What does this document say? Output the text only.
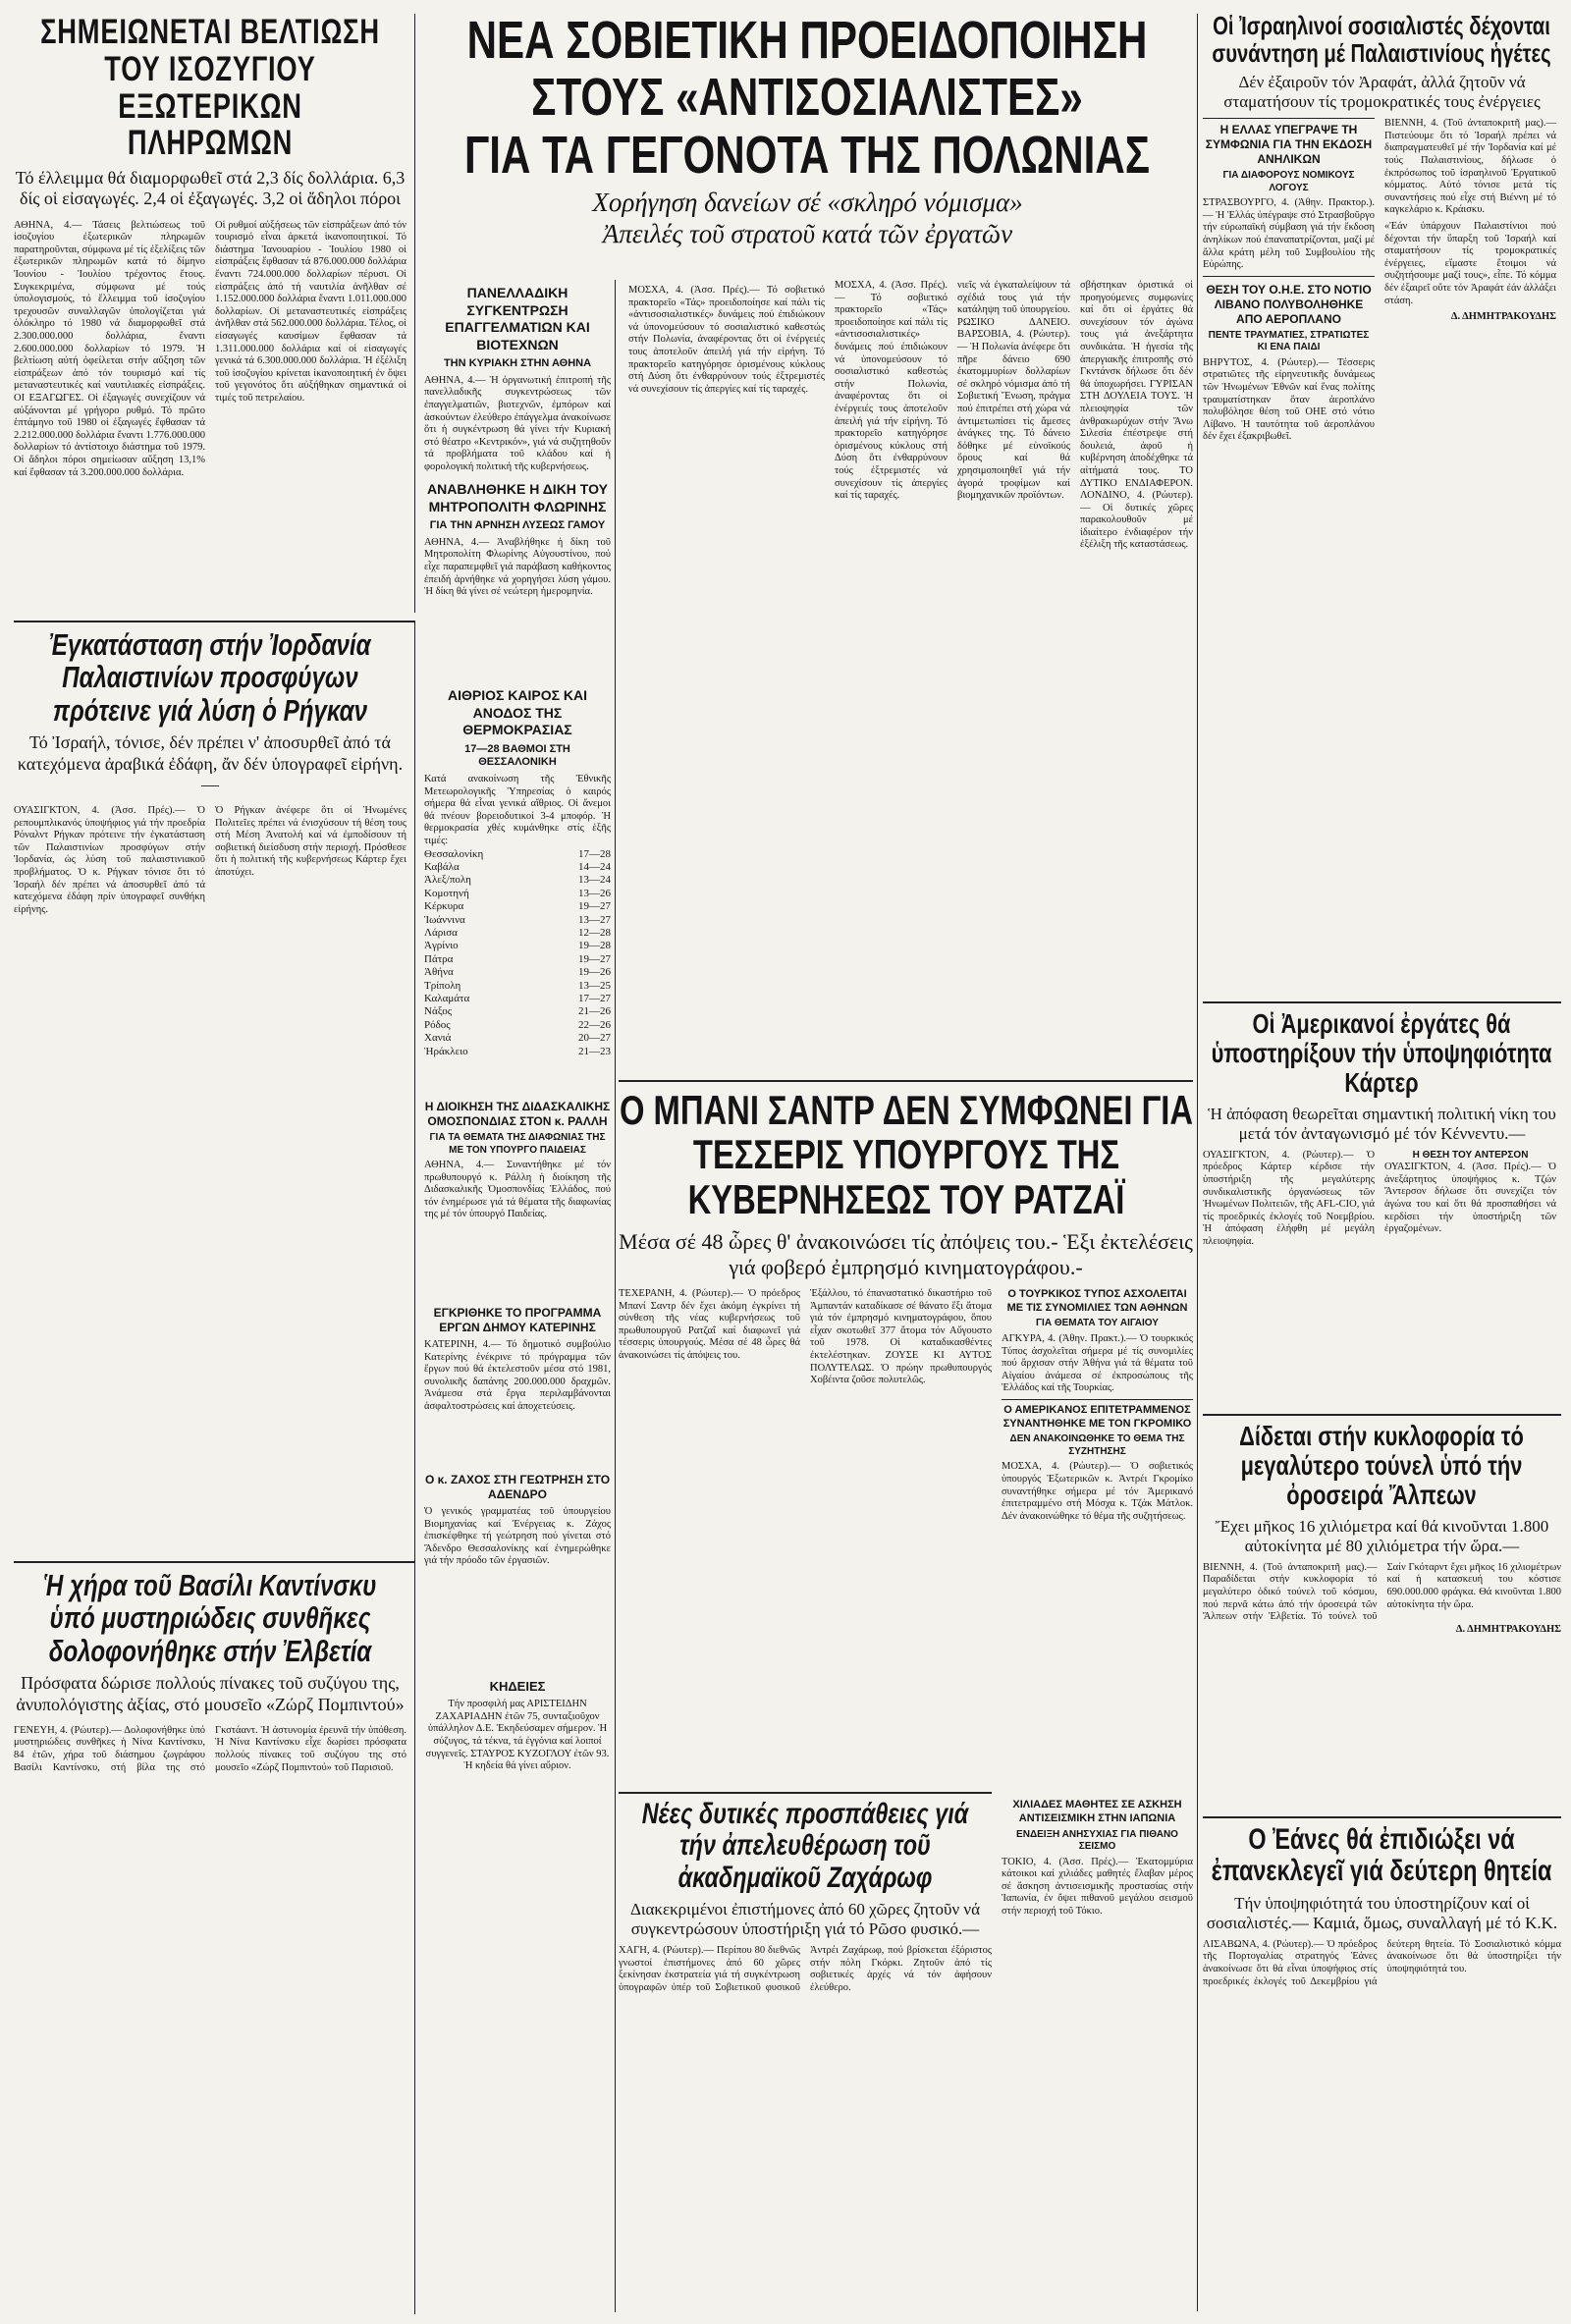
ΣΗΜΕΙΩΝΕΤΑΙ ΒΕΛΤΙΩΣΗ ΤΟΥ ΙΣΟΖΥΓΙΟΥ ΕΞΩΤΕΡΙΚΩΝ ΠΛΗΡΩΜΩΝ

Τό έλλειμμα θά διαμορφωθεῖ στά 2,3 δίς δολλάρια. 6,3 δίς οἱ εἰσαγωγές. 2,4 οἱ ἐξαγωγές. 3,2 οἱ ἄδηλοι πόροι

ΑΘΗΝΑ, 4.— Τάσεις βελτιώσεως τοῦ ἰσοζυγίου ἐξωτερικῶν πληρωμῶν παρατηροῦνται, σύμφωνα μέ τίς ἐξελίξεις τῶν ἐξωτερικῶν πληρωμῶν κατά τό δίμηνο Ἰουνίου - Ἰουλίου τρέχοντος ἔτους. Συγκεκριμένα, σύμφωνα μέ τούς ὑπολογισμούς, τό ἔλλειμμα τοῦ ἰσοζυγίου τρεχουσῶν συναλλαγῶν ὑπολογίζεται γιά ὁλόκληρο τό 1980 νά διαμορφωθεῖ στά 2.300.000.000 δολλάρια, ἔναντι 2.600.000.000 δολλαρίων τό 1979. Ἡ βελτίωση αὐτή ὀφείλεται στήν αὔξηση τῶν εἰσπράξεων ἀπό τόν τουρισμό καί τίς μεταναστευτικές καί ναυτιλιακές εἰσπράξεις. ΟΙ ΕΞΑΓΩΓΕΣ. Οἱ ἐξαγωγές συνεχίζουν νά αὐξάνονται μέ γρήγορο ρυθμό. Τό πρῶτο ἑπτάμηνο τοῦ 1980 οἱ ἐξαγωγές ἔφθασαν τά 2.212.000.000 δολλάρια ἔναντι 1.776.000.000 δολλαρίων τό ἀντίστοιχο διάστημα τοῦ 1979. Οἱ ἄδηλοι πόροι σημείωσαν αὔξηση 13,1% καί ἔφθασαν τά 3.200.000.000 δολλάρια.

Οἱ ρυθμοί αὐξήσεως τῶν εἰσπράξεων ἀπό τόν τουρισμό εἶναι ἀρκετά ἱκανοποιητικοί. Τό διάστημα Ἰανουαρίου - Ἰουλίου 1980 οἱ εἰσπράξεις ἔφθασαν τά 876.000.000 δολλάρια ἔναντι 724.000.000 δολλαρίων πέρυσι. Οἱ εἰσπράξεις ἀπό τή ναυτιλία ἀνῆλθαν σέ 1.152.000.000 δολλάρια ἔναντι 1.011.000.000 δολλαρίων. Οἱ μεταναστευτικές εἰσπράξεις ἀνῆλθαν στά 562.000.000 δολλάρια. Τέλος, οἱ εἰσαγωγές καυσίμων ἔφθασαν τά 1.311.000.000 δολλάρια καί οἱ εἰσαγωγές γενικά τά 6.300.000.000 δολλάρια. Ἡ ἐξέλιξη τοῦ ἰσοζυγίου κρίνεται ἱκανοποιητική ἐν ὄψει τοῦ γεγονότος ὅτι αὐξήθηκαν σημαντικά οἱ τιμές τοῦ πετρελαίου.

ΝΕΑ ΣΟΒΙΕΤΙΚΗ ΠΡΟΕΙΔΟΠΟΙΗΣΗ
ΣΤΟΥΣ «ΑΝΤΙΣΟΣΙΑΛΙΣΤΕΣ»
ΓΙΑ ΤΑ ΓΕΓΟΝΟΤΑ ΤΗΣ ΠΟΛΩΝΙΑΣ

Χορήγηση δανείων σέ «σκληρό νόμισμα»

Ἀπειλές τοῦ στρατοῦ κατά τῶν ἐργατῶν

ΜΟΣΧΑ, 4. (Ἀσσ. Πρές).— Τό σοβιετικό πρακτορεῖο «Τάς» προειδοποίησε καί πάλι τίς «ἀντισοσιαλιστικές» δυνάμεις πού ἐπιδιώκουν νά ὑπονομεύσουν τό σοσιαλιστικό καθεστώς στήν Πολωνία, ἀναφέροντας ὅτι οἱ ἐνέργειές τους ἀποτελοῦν ἀπειλή γιά τήν εἰρήνη. Τό πρακτορεῖο κατηγόρησε ὁρισμένους κύκλους στή Δύση ὅτι ἐνθαρρύνουν τούς ἐξτρεμιστές νά συνεχίσουν τίς ἀπεργίες καί τίς ταραχές.

νιεῖς νά ἐγκαταλείψουν τά σχέδιά τους γιά τήν κατάληψη τοῦ ὑπουργείου. ΡΩΣΙΚΟ ΔΑΝΕΙΟ. ΒΑΡΣΟΒΙΑ, 4. (Ρώυτερ).— Ἡ Πολωνία ἀνέφερε ὅτι πῆρε δάνειο 690 ἑκατομμυρίων δολλαρίων σέ σκληρό νόμισμα ἀπό τή Σοβιετική Ἕνωση, πράγμα πού ἐπιτρέπει στή χώρα νά ἀντιμετωπίσει τίς ἄμεσες ἀνάγκες της. Τό δάνειο δόθηκε μέ εὐνοϊκούς ὅρους καί θά χρησιμοποιηθεῖ γιά τήν ἀγορά τροφίμων καί βιομηχανικῶν προϊόντων.

σβήστηκαν ὁριστικά οἱ προηγούμενες συμφωνίες καί ὅτι οἱ ἐργάτες θά συνεχίσουν τόν ἀγώνα τους γιά ἀνεξάρτητα συνδικάτα. Ἡ ἡγεσία τῆς ἀπεργιακῆς ἐπιτροπῆς στό Γκντάνσκ δήλωσε ὅτι δέν θά ὑποχωρήσει. ΓΥΡΙΣΑΝ ΣΤΗ ΔΟΥΛΕΙΑ ΤΟΥΣ. Ἡ πλειοψηφία τῶν ἀνθρακωρύχων στήν Ἄνω Σιλεσία ἐπέστρεψε στή δουλειά, ἀφοῦ ἡ κυβέρνηση ἀποδέχθηκε τά αἰτήματά τους. ΤΟ ΔΥΤΙΚΟ ΕΝΔΙΑΦΕΡΟΝ. ΛΟΝΔΙΝΟ, 4. (Ρώυτερ).— Οἱ δυτικές χῶρες παρακολουθοῦν μέ ἰδιαίτερο ἐνδιαφέρον τήν ἐξέλιξη τῆς καταστάσεως.

ΠΑΝΕΛΛΑΔΙΚΗ ΣΥΓΚΕΝΤΡΩΣΗ ΕΠΑΓΓΕΛΜΑΤΙΩΝ ΚΑΙ ΒΙΟΤΕΧΝΩΝ

ΤΗΝ ΚΥΡΙΑΚΗ ΣΤΗΝ ΑΘΗΝΑ

ΑΘΗΝΑ, 4.— Ἡ ὀργανωτική ἐπιτροπή τῆς πανελλαδικῆς συγκεντρώσεως τῶν ἐπαγγελματιῶν, βιοτεχνῶν, ἐμπόρων καί ἀσκούντων ἐλεύθερο ἐπάγγελμα ἀνακοίνωσε ὅτι ἡ συγκέντρωση θά γίνει τήν Κυριακή στό θέατρο «Κεντρικόν», γιά νά συζητηθοῦν τά προβλήματα τοῦ κλάδου καί ἡ φορολογική πολιτική τῆς κυβερνήσεως.

ΑΝΑΒΛΗΘΗΚΕ Η ΔΙΚΗ ΤΟΥ ΜΗΤΡΟΠΟΛΙΤΗ ΦΛΩΡΙΝΗΣ

ΓΙΑ ΤΗΝ ΑΡΝΗΣΗ ΛΥΣΕΩΣ ΓΑΜΟΥ

ΑΘΗΝΑ, 4.— Ἀναβλήθηκε ἡ δίκη τοῦ Μητροπολίτη Φλωρίνης Αὐγουστίνου, πού εἶχε παραπεμφθεῖ γιά παράβαση καθήκοντος ἐπειδή ἀρνήθηκε νά χορηγήσει λύση γάμου. Ἡ δίκη θά γίνει σέ νεώτερη ἡμερομηνία.

ΜΟΣΧΑ, 4. (Ἀσσ. Πρές).— Τό σοβιετικό πρακτορεῖο «Τάς» προειδοποίησε καί πάλι τίς «ἀντισοσιαλιστικές» δυνάμεις πού ἐπιδιώκουν νά ὑπονομεύσουν τό σοσιαλιστικό καθεστώς στήν Πολωνία, ἀναφέροντας ὅτι οἱ ἐνέργειές τους ἀποτελοῦν ἀπειλή γιά τήν εἰρήνη. Τό πρακτορεῖο κατηγόρησε ὁρισμένους κύκλους στή Δύση ὅτι ἐνθαρρύνουν τούς ἐξτρεμιστές νά συνεχίσουν τίς ἀπεργίες καί τίς ταραχές.

ΑΙΘΡΙΟΣ ΚΑΙΡΟΣ ΚΑΙ ΑΝΟΔΟΣ ΤΗΣ ΘΕΡΜΟΚΡΑΣΙΑΣ

17—28 ΒΑΘΜΟΙ ΣΤΗ ΘΕΣΣΑΛΟΝΙΚΗ

Κατά ανακοίνωση τῆς Ἐθνικῆς Μετεωρολογικῆς Ὑπηρεσίας ὁ καιρός σήμερα θά εἶναι γενικά αἴθριος. Οἱ ἄνεμοι θά πνέουν βορειοδυτικοί 3-4 μποφόρ. Ἡ θερμοκρασία χθές κυμάνθηκε στίς ἑξῆς τιμές:

Θεσσαλονίκη	17—28
Καβάλα	14—24
Ἀλεξ/πολη	13—24
Κομοτηνή	13—26
Κέρκυρα	19—27
Ἰωάννινα	13—27
Λάρισα	12—28
Ἀγρίνιο	19—28
Πάτρα	19—27
Ἀθήνα	19—26
Τρίπολη	13—25
Καλαμάτα	17—27
Νάξος	21—26
Ρόδος	22—26
Χανιά	20—27
Ἡράκλειο	21—23
Οἱ Ἰσραηλινοί σοσιαλιστές δέχονται συνάντηση μέ Παλαιστινίους ἡγέτες

Δέν ἐξαιροῦν τόν Ἀραφάτ, ἀλλά ζητοῦν νά σταματήσουν τίς τρομοκρατικές τους ἐνέργειες

Η ΕΛΛΑΣ ΥΠΕΓΡΑΨΕ ΤΗ ΣΥΜΦΩΝΙΑ ΓΙΑ ΤΗΝ ΕΚΔΟΣΗ ΑΝΗΛΙΚΩΝ

ΓΙΑ ΔΙΑΦΟΡΟΥΣ ΝΟΜΙΚΟΥΣ ΛΟΓΟΥΣ

ΣΤΡΑΣΒΟΥΡΓΟ, 4. (Ἀθην. Πρακτορ.).— Ἡ Ἑλλάς ὑπέγραψε στό Στρασβοῦργο τήν εὐρωπαϊκή σύμβαση γιά τήν ἔκδοση ἀνηλίκων πού ἐπαναπατρίζονται, μαζί μέ ἄλλα κράτη μέλη τοῦ Συμβουλίου τῆς Εὐρώπης.

ΘΕΣΗ ΤΟΥ Ο.Η.Ε. ΣΤΟ ΝΟΤΙΟ ΛΙΒΑΝΟ ΠΟΛΥΒΟΛΗΘΗΚΕ ΑΠΟ ΑΕΡΟΠΛΑΝΟ

ΠΕΝΤΕ ΤΡΑΥΜΑΤΙΕΣ, ΣΤΡΑΤΙΩΤΕΣ ΚΙ ΕΝΑ ΠΑΙΔΙ

ΒΗΡΥΤΟΣ, 4. (Ρώυτερ).— Τέσσερις στρατιῶτες τῆς εἰρηνευτικῆς δυνάμεως τῶν Ἡνωμένων Ἐθνῶν καί ἕνας πολίτης τραυματίστηκαν ὅταν ἀεροπλάνο πολυβόλησε θέση τοῦ ΟΗΕ στό νότιο Λίβανο. Ἡ ταυτότητα τοῦ ἀεροπλάνου δέν ἔχει ἐξακριβωθεῖ.

ΒΙΕΝΝΗ, 4. (Τοῦ ἀνταποκριτῆ μας).— Πιστεύουμε ὅτι τό Ἰσραήλ πρέπει νά διαπραγματευθεῖ μέ τήν Ἰορδανία καί μέ τούς Παλαιστινίους, δήλωσε ὁ ἐκπρόσωπος τοῦ ἰσραηλινοῦ Ἐργατικοῦ κόμματος. Αὐτό τόνισε μετά τίς συναντήσεις πού εἶχε στή Βιέννη μέ τό καγκελάριο κ. Κράισκυ.

«Ἐάν ὑπάρχουν Παλαιστίνιοι πού δέχονται τήν ὕπαρξη τοῦ Ἰσραήλ καί σταματήσουν τίς τρομοκρατικές ἐνέργειες, εἴμαστε ἕτοιμοι νά συζητήσουμε μαζί τους», εἶπε. Τό κόμμα δέν ἐξαιρεῖ οὔτε τόν Ἀραφάτ ἐάν ἀλλάξει στάση.

Δ. ΔΗΜΗΤΡΑΚΟΥΔΗΣ

Οἱ Ἀμερικανοί ἐργάτες θά ὑποστηρίξουν τήν ὑποψηφιότητα Κάρτερ

Ἡ ἀπόφαση θεωρεῖται σημαντική πολιτική νίκη του μετά τόν ἀνταγωνισμό μέ τόν Κέννεντυ.—

ΟΥΑΣΙΓΚΤΟΝ, 4. (Ρώυτερ).— Ὁ πρόεδρος Κάρτερ κέρδισε τήν ὑποστήριξη τῆς μεγαλύτερης συνδικαλιστικῆς ὀργανώσεως τῶν Ἡνωμένων Πολιτειῶν, τῆς AFL-CIO, γιά τίς προεδρικές ἐκλογές τοῦ Νοεμβρίου. Ἡ ἀπόφαση ἐλήφθη μέ μεγάλη πλειοψηφία.

Η ΘΕΣΗ ΤΟΥ ΑΝΤΕΡΣΟΝ

ΟΥΑΣΙΓΚΤΟΝ, 4. (Ἀσσ. Πρές).— Ὁ ἀνεξάρτητος ὑποψήφιος κ. Τζών Ἄντερσον δήλωσε ὅτι συνεχίζει τόν ἀγώνα του καί ὅτι θά προσπαθήσει νά κερδίσει τήν ὑποστήριξη τῶν ἐργαζομένων.

Δίδεται στήν κυκλοφορία τό μεγαλύτερο τούνελ ὑπό τήν ὀροσειρά Ἄλπεων

Ἔχει μῆκος 16 χιλιόμετρα καί θά κινοῦνται 1.800 αὐτοκίνητα μέ 80 χιλιόμετρα τήν ὥρα.—

ΒΙΕΝΝΗ, 4. (Τοῦ ἀνταποκριτῆ μας).— Παραδίδεται στήν κυκλοφορία τό μεγαλύτερο ὁδικό τούνελ τοῦ κόσμου, πού περνᾶ κάτω ἀπό τήν ὀροσειρά τῶν Ἄλπεων στήν Ἐλβετία. Τό τούνελ τοῦ Σαίν Γκόταρντ ἔχει μῆκος 16 χιλιομέτρων καί ἡ κατασκευή του κόστισε 690.000.000 φράγκα. Θά κινοῦνται 1.800 αὐτοκίνητα τήν ὥρα.

Δ. ΔΗΜΗΤΡΑΚΟΥΔΗΣ

Ο Ἐάνες θά ἐπιδιώξει νά ἐπανεκλεγεῖ γιά δεύτερη θητεία

Τήν ὑποψηφιότητά του ὑποστηρίζουν καί οἱ σοσιαλιστές.— Καμιά, ὅμως, συναλλαγή μέ τό Κ.Κ.

ΛΙΣΑΒΩΝΑ, 4. (Ρώυτερ).— Ὁ πρόεδρος τῆς Πορτογαλίας στρατηγός Ἐάνες ἀνακοίνωσε ὅτι θά εἶναι ὑποψήφιος στίς προεδρικές ἐκλογές τοῦ Δεκεμβρίου γιά δεύτερη θητεία. Τό Σοσιαλιστικό κόμμα ἀνακοίνωσε ὅτι θά ὑποστηρίξει τήν ὑποψηφιότητά του.

Ἐγκατάσταση στήν Ἰορδανία Παλαιστινίων προσφύγων πρότεινε γιά λύση ὁ Ρήγκαν

Τό Ἰσραήλ, τόνισε, δέν πρέπει ν' ἀποσυρθεῖ ἀπό τά κατεχόμενα ἀραβικά ἐδάφη, ἄν δέν ὑπογραφεῖ εἰρήνη.—

ΟΥΑΣΙΓΚΤΟΝ, 4. (Ἀσσ. Πρές).— Ὁ ρεπουμπλικανός ὑποψήφιος γιά τήν προεδρία Ρόναλντ Ρήγκαν πρότεινε τήν ἐγκατάσταση τῶν Παλαιστινίων προσφύγων στήν Ἰορδανία, ὡς λύση τοῦ παλαιστινιακοῦ προβλήματος. Ὁ κ. Ρήγκαν τόνισε ὅτι τό Ἰσραήλ δέν πρέπει νά ἀποσυρθεῖ ἀπό τά κατεχόμενα ἐδάφη πρίν ὑπογραφεῖ συνθήκη εἰρήνης.

Ὁ Ρήγκαν ἀνέφερε ὅτι οἱ Ἡνωμένες Πολιτεῖες πρέπει νά ἐνισχύσουν τή θέση τους στή Μέση Ἀνατολή καί νά ἐμποδίσουν τή σοβιετική διείσδυση στήν περιοχή. Πρόσθεσε ὅτι ἡ πολιτική τῆς κυβερνήσεως Κάρτερ ἔχει ἀποτύχει.

Ἡ χήρα τοῦ Βασίλι Καντίνσκυ ὑπό μυστηριώδεις συνθῆκες δολοφονήθηκε στήν Ἐλβετία

Πρόσφατα δώρισε πολλούς πίνακες τοῦ συζύγου της, ἀνυπολόγιστης ἀξίας, στό μουσεῖο «Ζώρζ Πομπιντού»

ΓΕΝΕΥΗ, 4. (Ρώυτερ).— Δολοφονήθηκε ὑπό μυστηριώδεις συνθῆκες ἡ Νίνα Καντίνσκυ, 84 ἐτῶν, χήρα τοῦ διάσημου ζωγράφου Βασίλι Καντίνσκυ, στή βίλα της στό Γκστάαντ. Ἡ ἀστυνομία ἐρευνᾶ τήν ὑπόθεση. Ἡ Νίνα Καντίνσκυ εἶχε δωρίσει πρόσφατα πολλούς πίνακες τοῦ συζύγου της στό μουσεῖο «Ζώρζ Πομπιντού» τοῦ Παρισιοῦ.

Η ΔΙΟΙΚΗΣΗ ΤΗΣ ΔΙΔΑΣΚΑΛΙΚΗΣ ΟΜΟΣΠΟΝΔΙΑΣ ΣΤΟΝ κ. ΡΑΛΛΗ

ΓΙΑ ΤΑ ΘΕΜΑΤΑ ΤΗΣ ΔΙΑΦΩΝΙΑΣ ΤΗΣ ΜΕ ΤΟΝ ΥΠΟΥΡΓΟ ΠΑΙΔΕΙΑΣ

ΑΘΗΝΑ, 4.— Συναντήθηκε μέ τόν πρωθυπουργό κ. Ράλλη ἡ διοίκηση τῆς Διδασκαλικῆς Ὁμοσπονδίας Ἑλλάδος, πού τόν ἐνημέρωσε γιά τά θέματα τῆς διαφωνίας της μέ τόν ὑπουργό Παιδείας.

ΕΓΚΡΙΘΗΚΕ ΤΟ ΠΡΟΓΡΑΜΜΑ ΕΡΓΩΝ ΔΗΜΟΥ ΚΑΤΕΡΙΝΗΣ

ΚΑΤΕΡΙΝΗ, 4.— Τό δημοτικό συμβούλιο Κατερίνης ἐνέκρινε τό πρόγραμμα τῶν ἔργων πού θά ἐκτελεστοῦν μέσα στό 1981, συνολικῆς δαπάνης 200.000.000 δραχμῶν. Ἀνάμεσα στά ἔργα περιλαμβάνονται ἀσφαλτοστρώσεις καί ἀποχετεύσεις.

Ο κ. ΖΑΧΟΣ ΣΤΗ ΓΕΩΤΡΗΣΗ ΣΤΟ ΑΔΕΝΔΡΟ

Ὁ γενικός γραμματέας τοῦ ὑπουργείου Βιομηχανίας καί Ἐνέργειας κ. Ζάχος ἐπισκέφθηκε τή γεώτρηση πού γίνεται στό Ἄδενδρο Θεσσαλονίκης καί ἐνημερώθηκε γιά τήν πρόοδο τῶν ἐργασιῶν.

ΚΗΔΕΙΕΣ

Τήν προσφιλή μας ΑΡΙΣΤΕΙΔΗΝ ΖΑΧΑΡΙΑΔΗΝ ἐτῶν 75, συνταξιοῦχον ὑπάλληλον Δ.Ε. Ἐκηδεύσαμεν σήμερον. Ἡ σύζυγος, τά τέκνα, τά ἐγγόνια καί λοιποί συγγενεῖς. ΣΤΑΥΡΟΣ ΚΥΖΟΓΛΟΥ ἐτῶν 93. Ἡ κηδεία θά γίνει αὔριον.

Ο ΜΠΑΝΙ ΣΑΝΤΡ ΔΕΝ ΣΥΜΦΩΝΕΙ ΓΙΑ ΤΕΣΣΕΡΙΣ ΥΠΟΥΡΓΟΥΣ ΤΗΣ ΚΥΒΕΡΝΗΣΕΩΣ ΤΟΥ ΡΑΤΖΑΪ

Μέσα σέ 48 ὧρες θ' ἀνακοινώσει τίς ἀπόψεις του.- Ἑξι ἐκτελέσεις γιά φοβερό ἐμπρησμό κινηματογράφου.-

ΤΕΧΕΡΑΝΗ, 4. (Ρώυτερ).— Ὁ πρόεδρος Μπανί Σαντρ δέν ἔχει ἀκόμη ἐγκρίνει τή σύνθεση τῆς νέας κυβερνήσεως τοῦ πρωθυπουργοῦ Ρατζαΐ καί διαφωνεῖ γιά τέσσερις ὑπουργούς. Μέσα σέ 48 ὧρες θά ἀνακοινώσει τίς ἀπόψεις του.

Ἐξάλλου, τό ἐπαναστατικό δικαστήριο τοῦ Ἀμπαντάν καταδίκασε σέ θάνατο ἕξι ἄτομα γιά τόν ἐμπρησμό κινηματογράφου, ὅπου εἶχαν σκοτωθεῖ 377 ἄτομα τόν Αὔγουστο τοῦ 1978. Οἱ καταδικασθέντες ἐκτελέστηκαν. ΖΟΥΣΕ ΚΙ ΑΥΤΟΣ ΠΟΛΥΤΕΛΩΣ. Ὁ πρώην πρωθυπουργός Χοβέιντα ζοῦσε πολυτελῶς.

Ο ΤΟΥΡΚΙΚΟΣ ΤΥΠΟΣ ΑΣΧΟΛΕΙΤΑΙ ΜΕ ΤΙΣ ΣΥΝΟΜΙΛΙΕΣ ΤΩΝ ΑΘΗΝΩΝ

ΓΙΑ ΘΕΜΑΤΑ ΤΟΥ ΑΙΓΑΙΟΥ

ΑΓΚΥΡΑ, 4. (Ἀθην. Πρακτ.).— Ὁ τουρκικός Τύπος ἀσχολεῖται σήμερα μέ τίς συνομιλίες πού ἄρχισαν στήν Ἀθήνα γιά τά θέματα τοῦ Αἰγαίου ἀνάμεσα σέ ἐκπροσώπους τῆς Ἑλλάδος καί τῆς Τουρκίας.

Ο ΑΜΕΡΙΚΑΝΟΣ ΕΠΙΤΕΤΡΑΜΜΕΝΟΣ ΣΥΝΑΝΤΗΘΗΚΕ ΜΕ ΤΟΝ ΓΚΡΟΜΙΚΟ

ΔΕΝ ΑΝΑΚΟΙΝΩΘΗΚΕ ΤΟ ΘΕΜΑ ΤΗΣ ΣΥΖΗΤΗΣΗΣ

ΜΟΣΧΑ, 4. (Ρώυτερ).— Ὁ σοβιετικός ὑπουργός Ἐξωτερικῶν κ. Ἀντρέι Γκρομίκο συναντήθηκε σήμερα μέ τόν Ἀμερικανό ἐπιτετραμμένο στή Μόσχα κ. Τζάκ Μάτλοκ. Δέν ἀνακοινώθηκε τό θέμα τῆς συζητήσεως.

Νέες δυτικές προσπάθειες γιά τήν ἀπελευθέρωση τοῦ ἀκαδημαϊκοῦ Ζαχάρωφ

Διακεκριμένοι ἐπιστήμονες ἀπό 60 χῶρες ζητοῦν νά συγκεντρώσουν ὑποστήριξη γιά τό Ρῶσο φυσικό.—

ΧΑΓΗ, 4. (Ρώυτερ).— Περίπου 80 διεθνῶς γνωστοί ἐπιστήμονες ἀπό 60 χῶρες ξεκίνησαν ἐκστρατεία γιά τή συγκέντρωση ὑπογραφῶν ὑπέρ τοῦ Σοβιετικοῦ φυσικοῦ Ἀντρέι Ζαχάρωφ, πού βρίσκεται ἐξόριστος στήν πόλη Γκόρκι. Ζητοῦν ἀπό τίς σοβιετικές ἀρχές νά τόν ἀφήσουν ἐλεύθερο.

ΧΙΛΙΑΔΕΣ ΜΑΘΗΤΕΣ ΣΕ ΑΣΚΗΣΗ ΑΝΤΙΣΕΙΣΜΙΚΗ ΣΤΗΝ ΙΑΠΩΝΙΑ

ΕΝΔΕΙΞΗ ΑΝΗΣΥΧΙΑΣ ΓΙΑ ΠΙΘΑΝΟ ΣΕΙΣΜΟ

ΤΟΚΙΟ, 4. (Ἀσσ. Πρές).— Ἑκατομμύρια κάτοικοι καί χιλιάδες μαθητές ἔλαβαν μέρος σέ ἄσκηση ἀντισεισμικῆς προστασίας στήν Ἰαπωνία, ἐν ὄψει πιθανοῦ μεγάλου σεισμοῦ στήν περιοχή τοῦ Τόκιο.
